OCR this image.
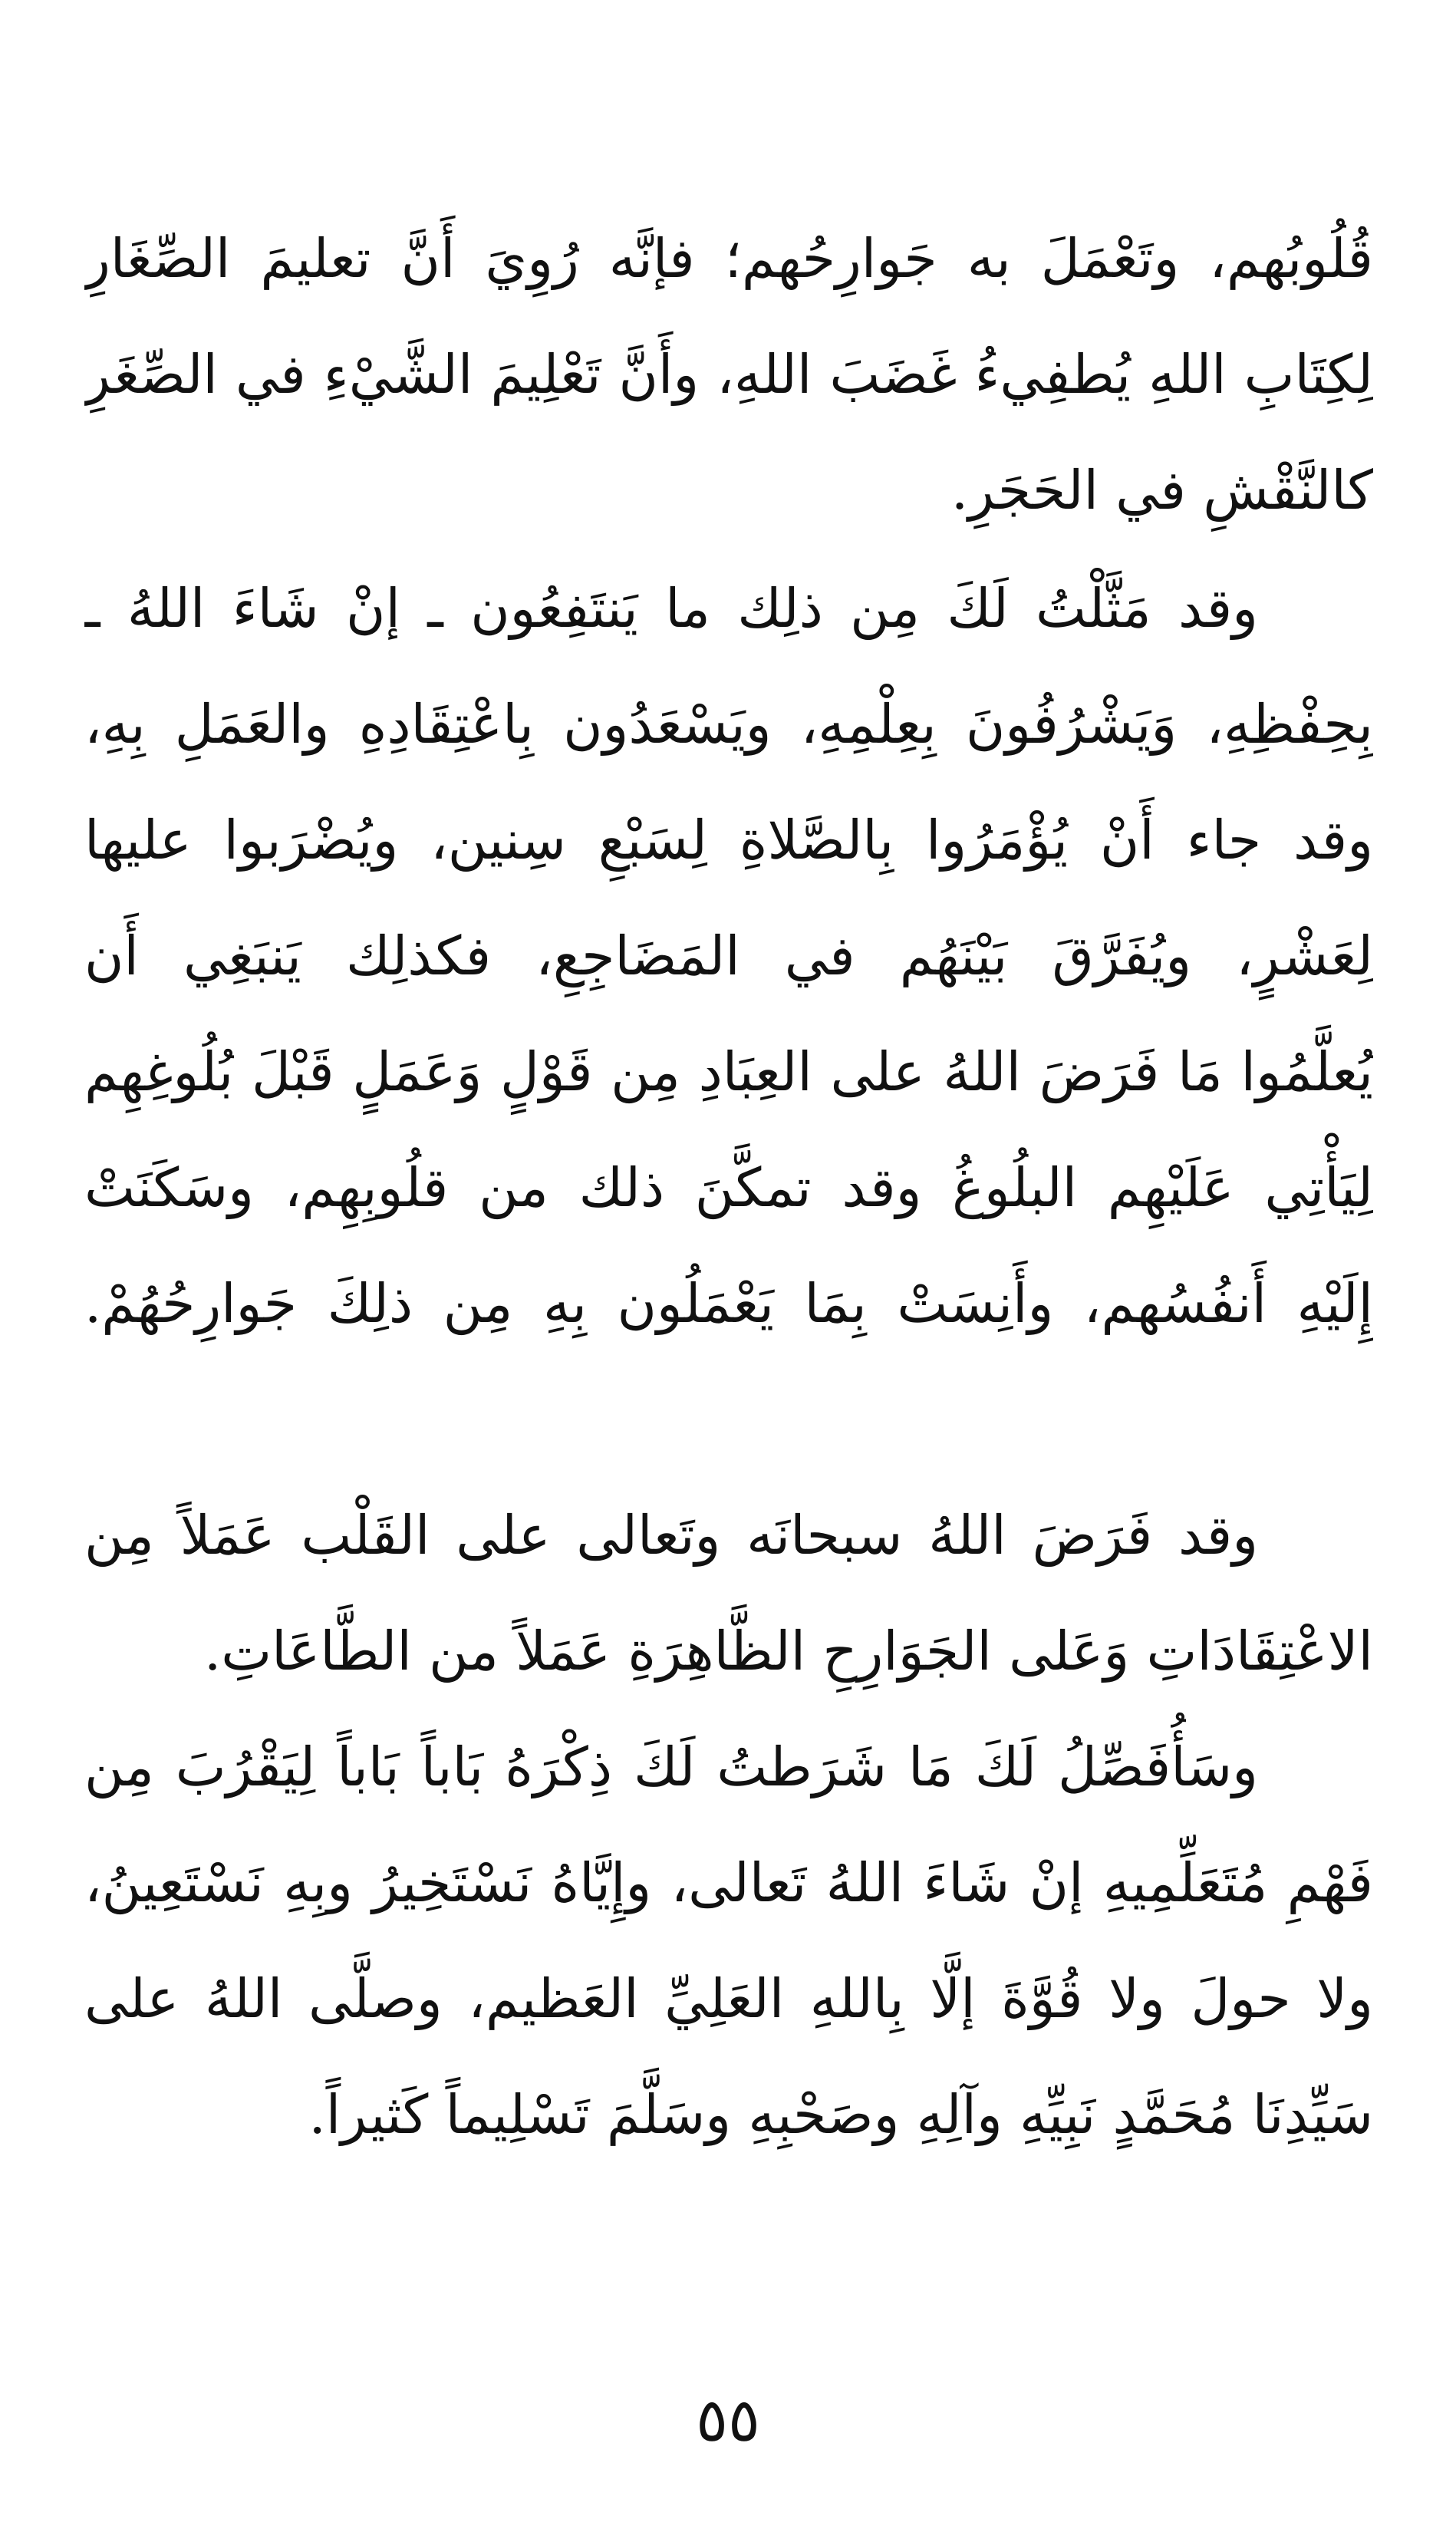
قُلُوبُهم، وتَعْمَلَ به جَوارِحُهم؛ فإنَّه رُوِيَ أَنَّ تعليمَ الصِّغَارِ
لِكِتَابِ اللهِ يُطفِيءُ غَضَبَ اللهِ، وأَنَّ تَعْلِيمَ الشَّيْءِ في الصِّغَرِ
كالنَّقْشِ في الحَجَرِ.
وقد مَثَّلْتُ لَكَ مِن ذلِك ما يَنتَفِعُون ـ إنْ شَاءَ اللهُ ـ
بِحِفْظِهِ، وَيَشْرُفُونَ بِعِلْمِهِ، ويَسْعَدُون بِاعْتِقَادِهِ والعَمَلِ بِهِ،
وقد جاء أَنْ يُؤْمَرُوا بِالصَّلاةِ لِسَبْعِ سِنين، ويُضْرَبوا عليها
لِعَشْرٍ، ويُفَرَّقَ بَيْنَهُم في المَضَاجِعِ، فكذلِك يَنبَغِي أَن
يُعلَّمُوا مَا فَرَضَ اللهُ على العِبَادِ مِن قَوْلٍ وَعَمَلٍ قَبْلَ بُلُوغِهِم
لِيَأْتِي عَلَيْهِم البلُوغُ وقد تمكَّنَ ذلك من قلُوبِهِم، وسَكَنَتْ
إِلَيْهِ أَنفُسُهم، وأَنِسَتْ بِمَا يَعْمَلُون بِهِ مِن ذلِكَ جَوارِحُهُمْ.
وقد فَرَضَ اللهُ سبحانَه وتَعالى على القَلْب عَمَلاً مِن
الاعْتِقَادَاتِ وَعَلى الجَوَارِحِ الظَّاهِرَةِ عَمَلاً من الطَّاعَاتِ.
وسَأُفَصِّلُ لَكَ مَا شَرَطتُ لَكَ ذِكْرَهُ بَاباً بَاباً لِيَقْرُبَ مِن
فَهْمِ مُتَعَلِّمِيهِ إنْ شَاءَ اللهُ تَعالى، وإِيَّاهُ نَسْتَخِيرُ وبِهِ نَسْتَعِينُ،
ولا حولَ ولا قُوَّةَ إلَّا بِاللهِ العَلِيِّ العَظيم، وصلَّى اللهُ على
سَيِّدِنَا مُحَمَّدٍ نَبِيِّهِ وآلِهِ وصَحْبِهِ وسَلَّمَ تَسْلِيماً كَثيراً.
٥٥
